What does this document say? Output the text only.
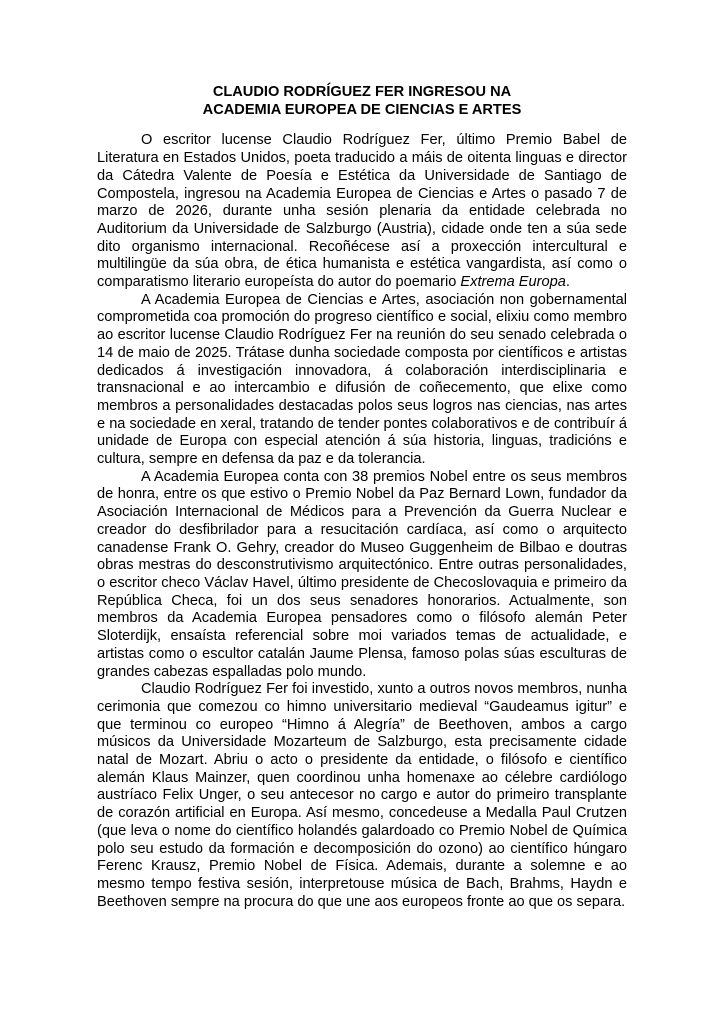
CLAUDIO RODRÍGUEZ FER INGRESOU NA
ACADEMIA EUROPEA DE CIENCIAS E ARTES

O escritor lucense Claudio Rodríguez Fer, último Premio Babel de Literatura en Estados Unidos, poeta traducido a máis de oitenta linguas e director da Cátedra Valente de Poesía e Estética da Universidade de Santiago de Compostela, ingresou na Academia Europea de Ciencias e Artes o pasado 7 de marzo de 2026, durante unha sesión plenaria da entidade celebrada no Auditorium da Universidade de Salzburgo (Austria), cidade onde ten a súa sede dito organismo internacional. Recoñécese así a proxección intercultural e multilingüe da súa obra, de ética humanista e estética vangardista, así como o comparatismo literario europeísta do autor do poemario Extrema Europa.

A Academia Europea de Ciencias e Artes, asociación non gobernamental comprometida coa promoción do progreso científico e social, elixiu como membro ao escritor lucense Claudio Rodríguez Fer na reunión do seu senado celebrada o 14 de maio de 2025. Trátase dunha sociedade composta por científicos e artistas dedicados á investigación innovadora, á colaboración interdisciplinaria e transnacional e ao intercambio e difusión de coñecemento, que elixe como membros a personalidades destacadas polos seus logros nas ciencias, nas artes e na sociedade en xeral, tratando de tender pontes colaborativos e de contribuír á unidade de Europa con especial atención á súa historia, linguas, tradicións e cultura, sempre en defensa da paz e da tolerancia.

A Academia Europea conta con 38 premios Nobel entre os seus membros de honra, entre os que estivo o Premio Nobel da Paz Bernard Lown, fundador da Asociación Internacional de Médicos para a Prevención da Guerra Nuclear e creador do desfibrilador para a resucitación cardíaca, así como o arquitecto canadense Frank O. Gehry, creador do Museo Guggenheim de Bilbao e doutras obras mestras do desconstrutivismo arquitectónico. Entre outras personalidades, o escritor checo Václav Havel, último presidente de Checoslovaquia e primeiro da República Checa, foi un dos seus senadores honorarios. Actualmente, son membros da Academia Europea pensadores como o filósofo alemán Peter Sloterdijk, ensaísta referencial sobre moi variados temas de actualidade, e artistas como o escultor catalán Jaume Plensa, famoso polas súas esculturas de grandes cabezas espalladas polo mundo.

Claudio Rodríguez Fer foi investido, xunto a outros novos membros, nunha cerimonia que comezou co himno universitario medieval “Gaudeamus igitur” e que terminou co europeo “Himno á Alegría” de Beethoven, ambos a cargo músicos da Universidade Mozarteum de Salzburgo, esta precisamente cidade natal de Mozart. Abriu o acto o presidente da entidade, o filósofo e científico alemán Klaus Mainzer, quen coordinou unha homenaxe ao célebre cardiólogo austríaco Felix Unger, o seu antecesor no cargo e autor do primeiro transplante de corazón artificial en Europa. Así mesmo, concedeuse a Medalla Paul Crutzen (que leva o nome do científico holandés galardoado co Premio Nobel de Química polo seu estudo da formación e decomposición do ozono) ao científico húngaro Ferenc Krausz, Premio Nobel de Física. Ademais, durante a solemne e ao mesmo tempo festiva sesión, interpretouse música de Bach, Brahms, Haydn e Beethoven sempre na procura do que une aos europeos fronte ao que os separa.
